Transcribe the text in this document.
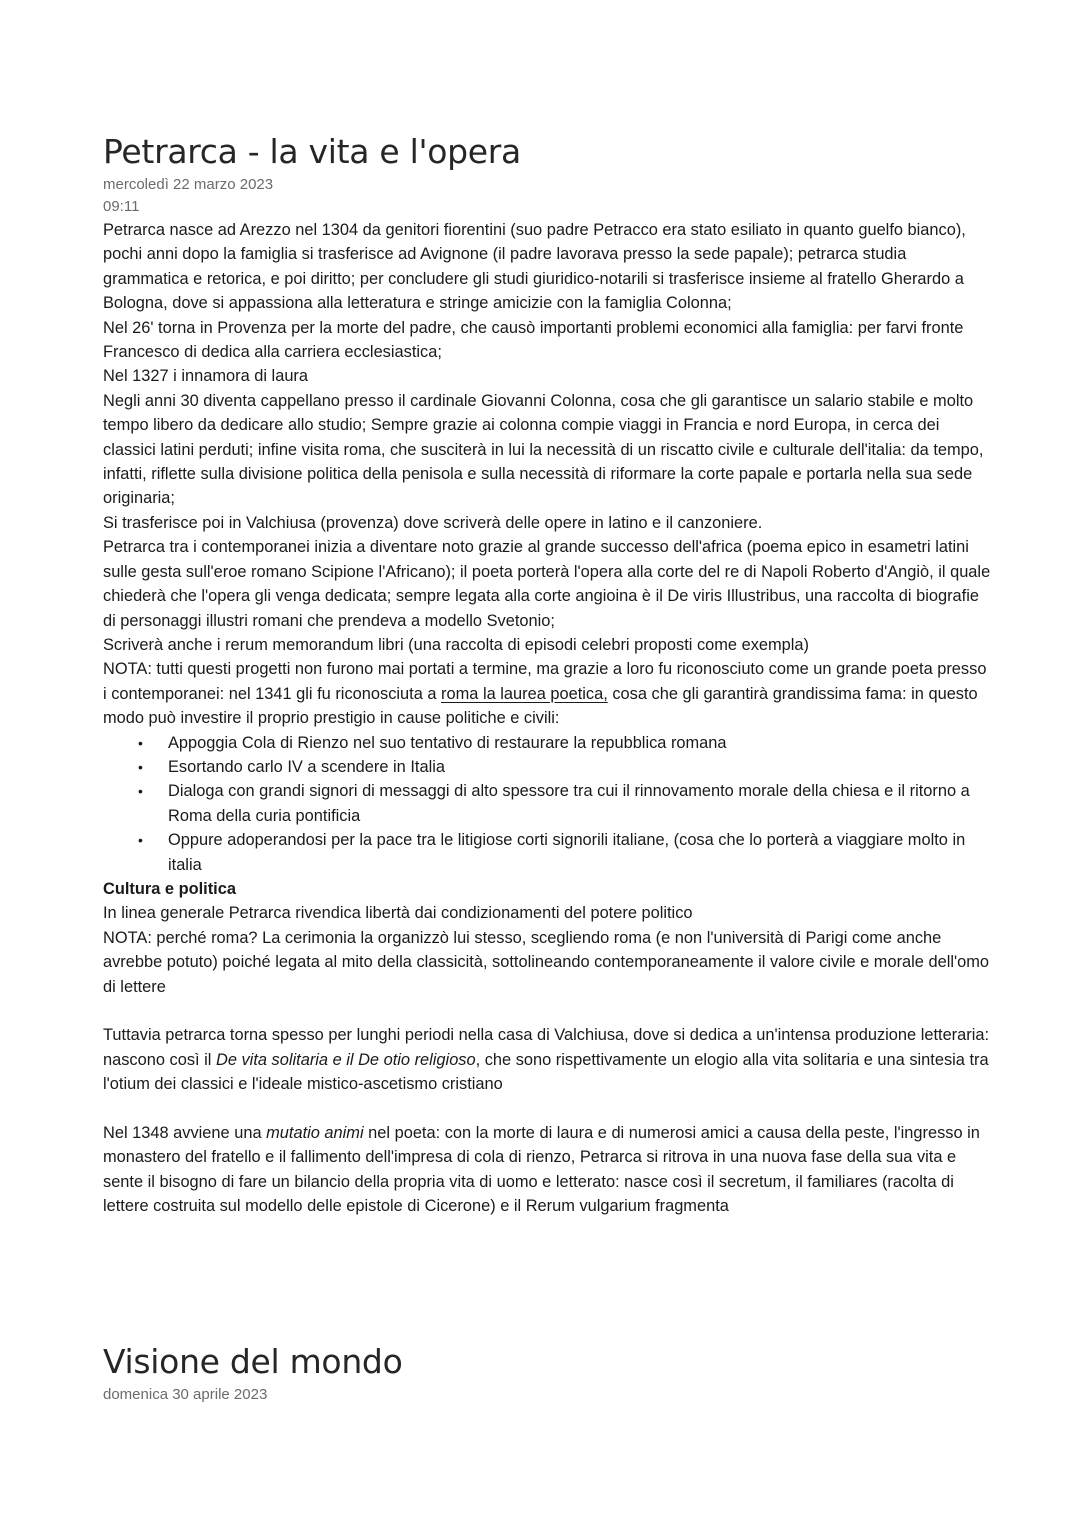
Petrarca - la vita e l'opera

mercoledì 22 marzo 2023

09:11

Petrarca nasce ad Arezzo nel 1304 da genitori fiorentini (suo padre Petracco era stato esiliato in quanto guelfo bianco), pochi anni dopo la famiglia si trasferisce ad Avignone (il padre lavorava presso la sede papale); petrarca studia grammatica e retorica, e poi diritto; per concludere gli studi giuridico-notarili si trasferisce insieme al fratello Gherardo a Bologna, dove si appassiona alla letteratura e stringe amicizie con la famiglia Colonna;

Nel 26' torna in Provenza per la morte del padre, che causò importanti problemi economici alla famiglia: per farvi fronte Francesco di dedica alla carriera ecclesiastica;

Nel 1327 i innamora di laura

Negli anni 30 diventa cappellano presso il cardinale Giovanni Colonna, cosa che gli garantisce un salario stabile e molto tempo libero da dedicare allo studio; Sempre grazie ai colonna compie viaggi in Francia e nord Europa, in cerca dei classici latini perduti; infine visita roma, che susciterà in lui la necessità di un riscatto civile e culturale dell'italia: da tempo, infatti, riflette sulla divisione politica della penisola e sulla necessità di riformare la corte papale e portarla nella sua sede originaria;

Si trasferisce poi in Valchiusa (provenza) dove scriverà delle opere in latino e il canzoniere.

Petrarca tra i contemporanei inizia a diventare noto grazie al grande successo dell'africa (poema epico in esametri latini sulle gesta sull'eroe romano Scipione l'Africano); il poeta porterà l'opera alla corte del re di Napoli Roberto d'Angiò, il quale chiederà che l'opera gli venga dedicata; sempre legata alla corte angioina è il De viris Illustribus, una raccolta di biografie di personaggi illustri romani che prendeva a modello Svetonio;

Scriverà anche i rerum memorandum libri (una raccolta di episodi celebri proposti come exempla)

NOTA: tutti questi progetti non furono mai portati a termine, ma grazie a loro fu riconosciuto come un grande poeta presso i contemporanei: nel 1341 gli fu riconosciuta a roma la laurea poetica, cosa che gli garantirà grandissima fama: in questo modo può investire il proprio prestigio in cause politiche e civili:

• Appoggia Cola di Rienzo nel suo tentativo di restaurare la repubblica romana
• Esortando carlo IV a scendere in Italia
• Dialoga con grandi signori di messaggi di alto spessore tra cui il rinnovamento morale della chiesa e il ritorno a Roma della curia pontificia
• Oppure adoperandosi per la pace tra le litigiose corti signorili italiane, (cosa che lo porterà a viaggiare molto in italia

Cultura e politica

In linea generale Petrarca rivendica libertà dai condizionamenti del potere politico

NOTA: perché roma? La cerimonia la organizzò lui stesso, scegliendo roma (e non l'università di Parigi come anche avrebbe potuto) poiché legata al mito della classicità, sottolineando contemporaneamente il valore civile e morale dell'omo di lettere

Tuttavia petrarca torna spesso per lunghi periodi nella casa di Valchiusa, dove si dedica a un'intensa produzione letteraria: nascono così il De vita solitaria e il De otio religioso, che sono rispettivamente un elogio alla vita solitaria e una sintesia tra l'otium dei classici e l'ideale mistico-ascetismo cristiano

Nel 1348 avviene una mutatio animi nel poeta: con la morte di laura e di numerosi amici a causa della peste, l'ingresso in monastero del fratello e il fallimento dell'impresa di cola di rienzo, Petrarca si ritrova in una nuova fase della sua vita e sente il bisogno di fare un bilancio della propria vita di uomo e letterato: nasce così il secretum, il familiares (racolta di lettere costruita sul modello delle epistole di Cicerone) e il Rerum vulgarium fragmenta

Visione del mondo

domenica 30 aprile 2023
